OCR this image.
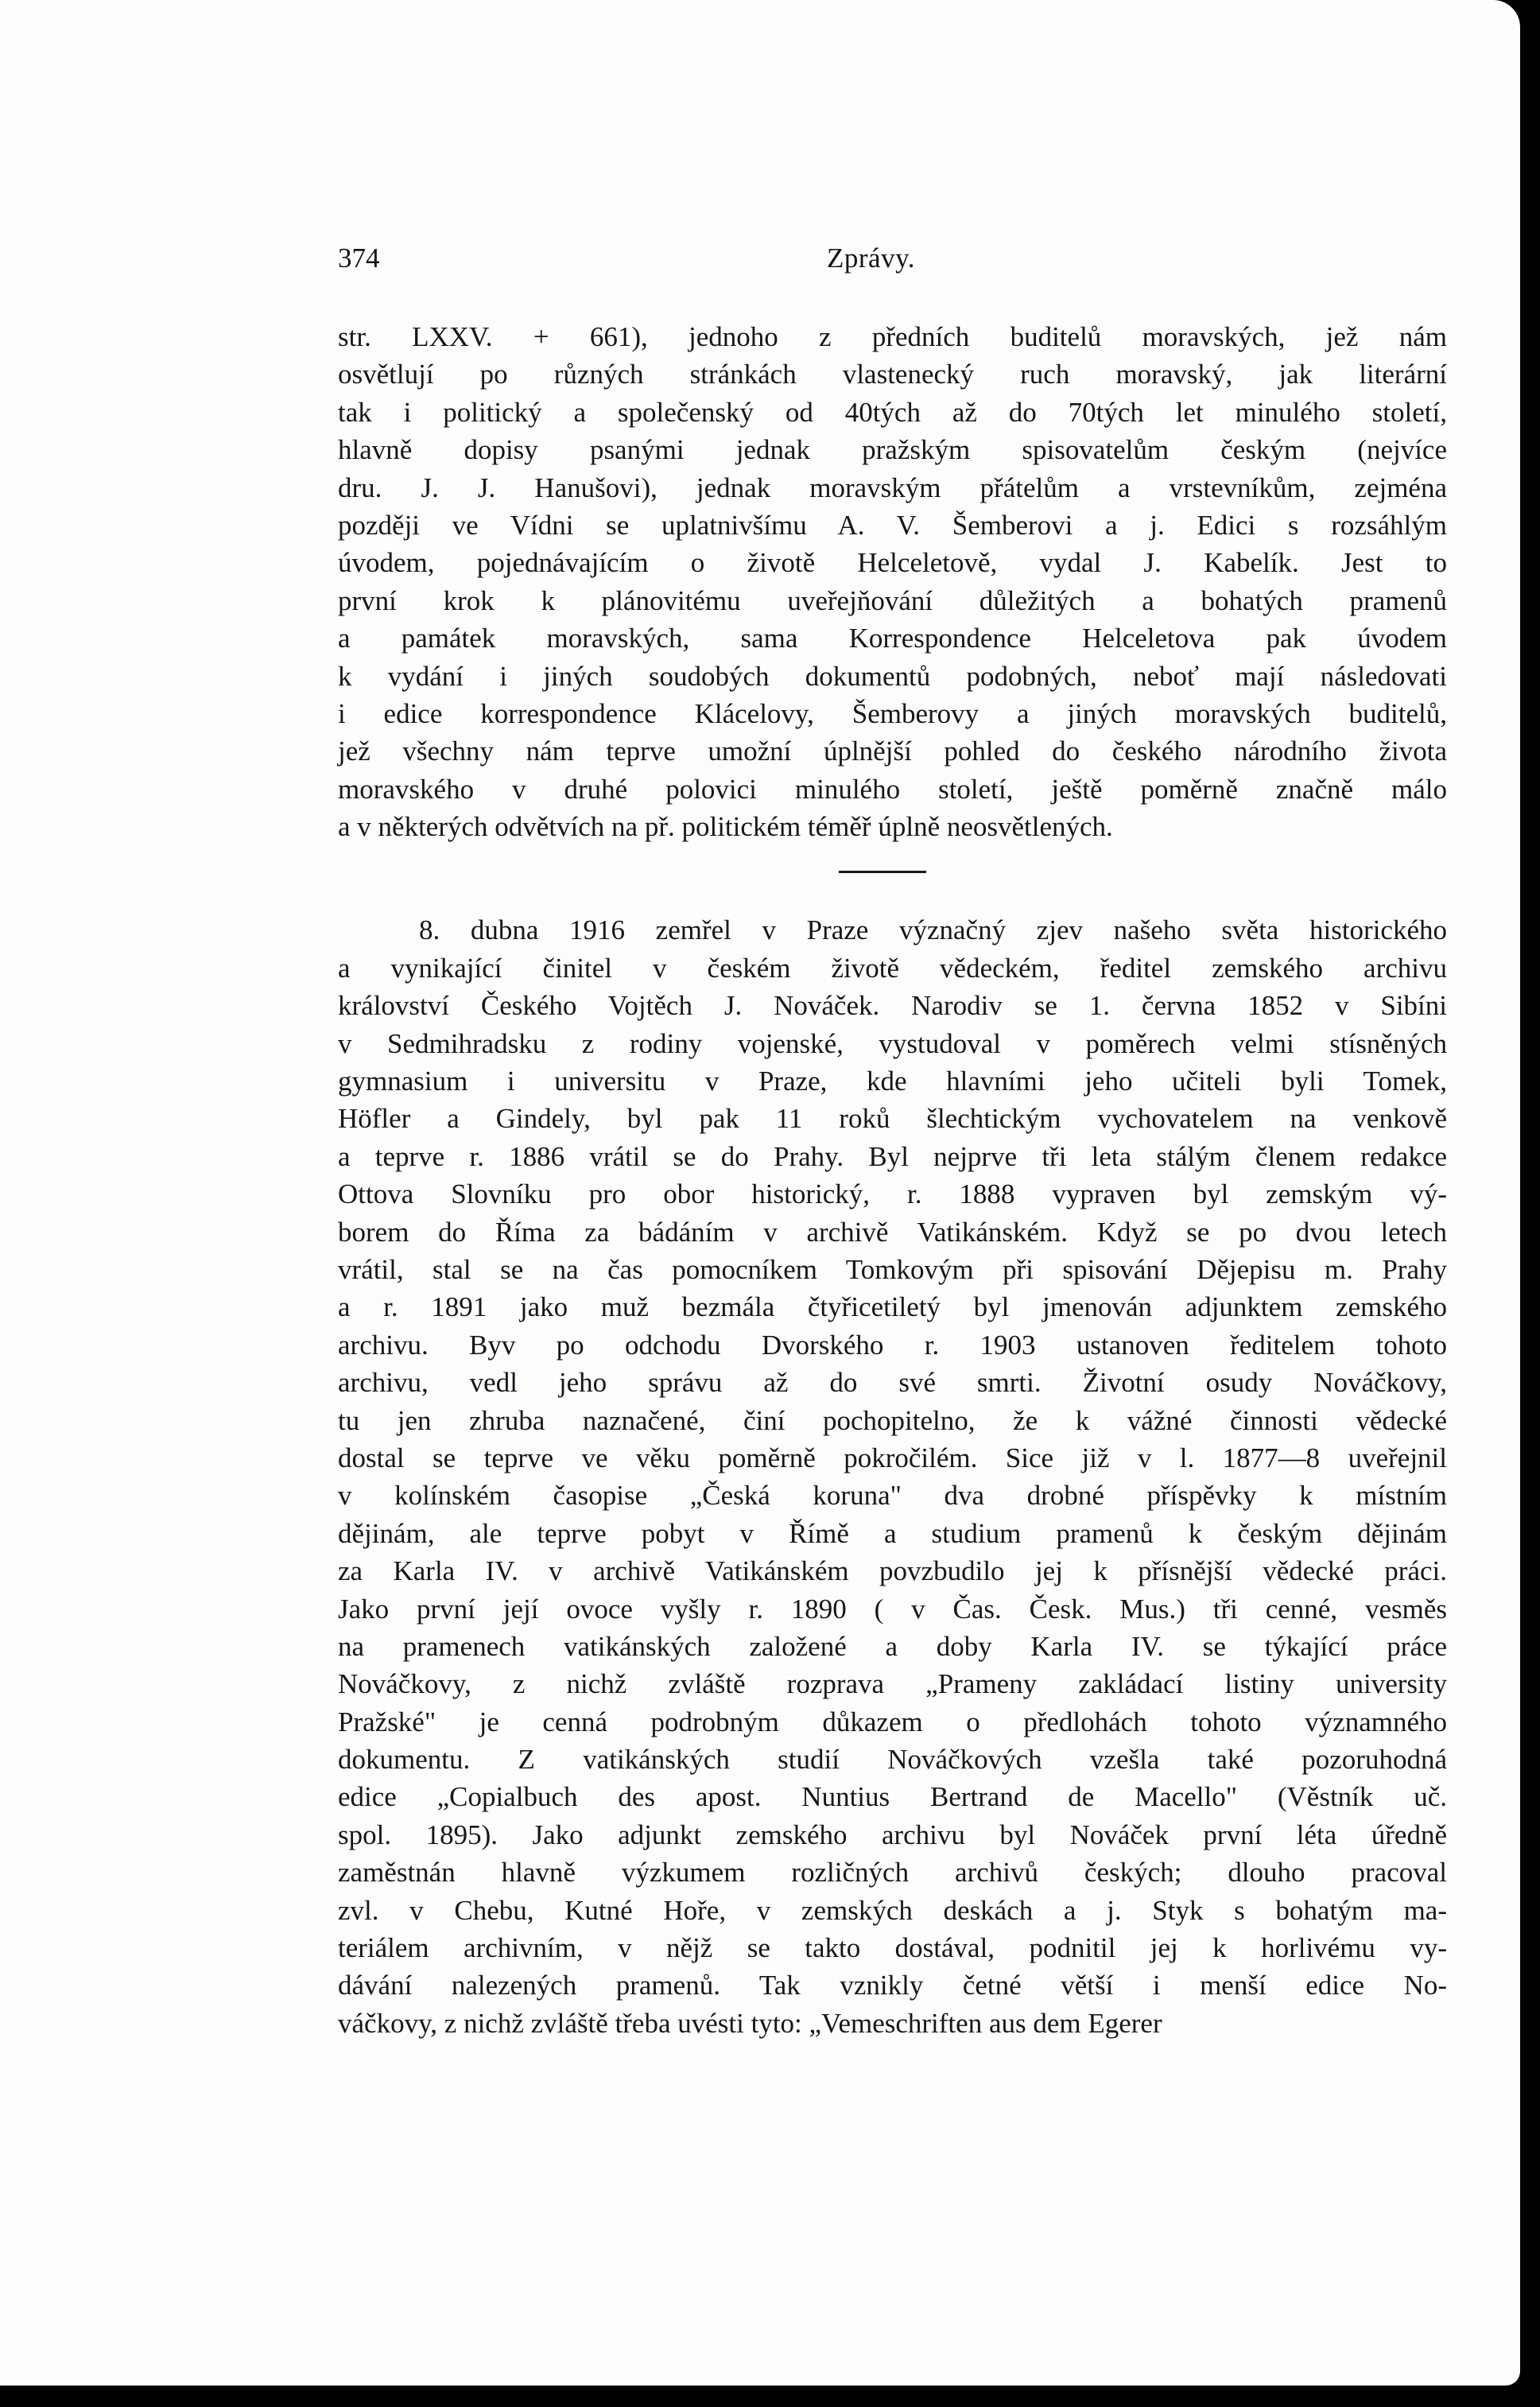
374	Zprávy.
str. LXXV. + 661), jednoho z předních buditelů moravských, jež nám
osvětlují po různých stránkách vlastenecký ruch moravský, jak literární
tak i politický a společenský od 40tých až do 70tých let minulého století,
hlavně dopisy psanými jednak pražským spisovatelům českým (nejvíce
dru. J. J. Hanušovi), jednak moravským přátelům a vrstevníkům, zejména
později ve Vídni se uplatnivšímu A. V. Šemberovi a j. Edici s rozsáhlým
úvodem, pojednávajícím o životě Helceletově, vydal J. Kabelík. Jest to
první krok k plánovitému uveřejňování důležitých a bohatých pramenů
a památek moravských, sama Korrespondence Helceletova pak úvodem
k vydání i jiných soudobých dokumentů podobných, neboť mají následovati
i edice korrespondence Klácelovy, Šemberovy a jiných moravských buditelů,
jež všechny nám teprve umožní úplnější pohled do českého národního života
moravského v druhé polovici minulého století, ještě poměrně značně málo
a v některých odvětvích na př. politickém téměř úplně neosvětlených.
8. dubna 1916 zemřel v Praze význačný zjev našeho světa historického
a vynikající činitel v českém životě vědeckém, ředitel zemského archivu
království Českého Vojtěch J. Nováček. Narodiv se 1. června 1852 v Sibíni
v Sedmihradsku z rodiny vojenské, vystudoval v poměrech velmi stísněných
gymnasium i universitu v Praze, kde hlavními jeho učiteli byli Tomek,
Höfler a Gindely, byl pak 11 roků šlechtickým vychovatelem na venkově
a teprve r. 1886 vrátil se do Prahy. Byl nejprve tři leta stálým členem redakce
Ottova Slovníku pro obor historický, r. 1888 vypraven byl zemským vý-
borem do Říma za bádáním v archivě Vatikánském. Když se po dvou letech
vrátil, stal se na čas pomocníkem Tomkovým při spisování Dějepisu m. Prahy
a r. 1891 jako muž bezmála čtyřicetiletý byl jmenován adjunktem zemského
archivu. Byv po odchodu Dvorského r. 1903 ustanoven ředitelem tohoto
archivu, vedl jeho správu až do své smrti. Životní osudy Nováčkovy,
tu jen zhruba naznačené, činí pochopitelno, že k vážné činnosti vědecké
dostal se teprve ve věku poměrně pokročilém. Sice již v l. 1877—8 uveřejnil
v kolínském časopise „Česká koruna" dva drobné příspěvky k místním
dějinám, ale teprve pobyt v Římě a studium pramenů k českým dějinám
za Karla IV. v archivě Vatikánském povzbudilo jej k přísnější vědecké práci.
Jako první její ovoce vyšly r. 1890 ( v Čas. Česk. Mus.) tři cenné, vesměs
na pramenech vatikánských založené a doby Karla IV. se týkající práce
Nováčkovy, z nichž zvláště rozprava „Prameny zakládací listiny university
Pražské" je cenná podrobným důkazem o předlohách tohoto významného
dokumentu. Z vatikánských studií Nováčkových vzešla také pozoruhodná
edice „Copialbuch des apost. Nuntius Bertrand de Macello" (Věstník uč.
spol. 1895). Jako adjunkt zemského archivu byl Nováček první léta úředně
zaměstnán hlavně výzkumem rozličných archivů českých; dlouho pracoval
zvl. v Chebu, Kutné Hoře, v zemských deskách a j. Styk s bohatým ma-
teriálem archivním, v nějž se takto dostával, podnitil jej k horlivému vy-
dávání nalezených pramenů. Tak vznikly četné větší i menší edice No-
váčkovy, z nichž zvláště třeba uvésti tyto: „Vemeschriften aus dem Egerer
